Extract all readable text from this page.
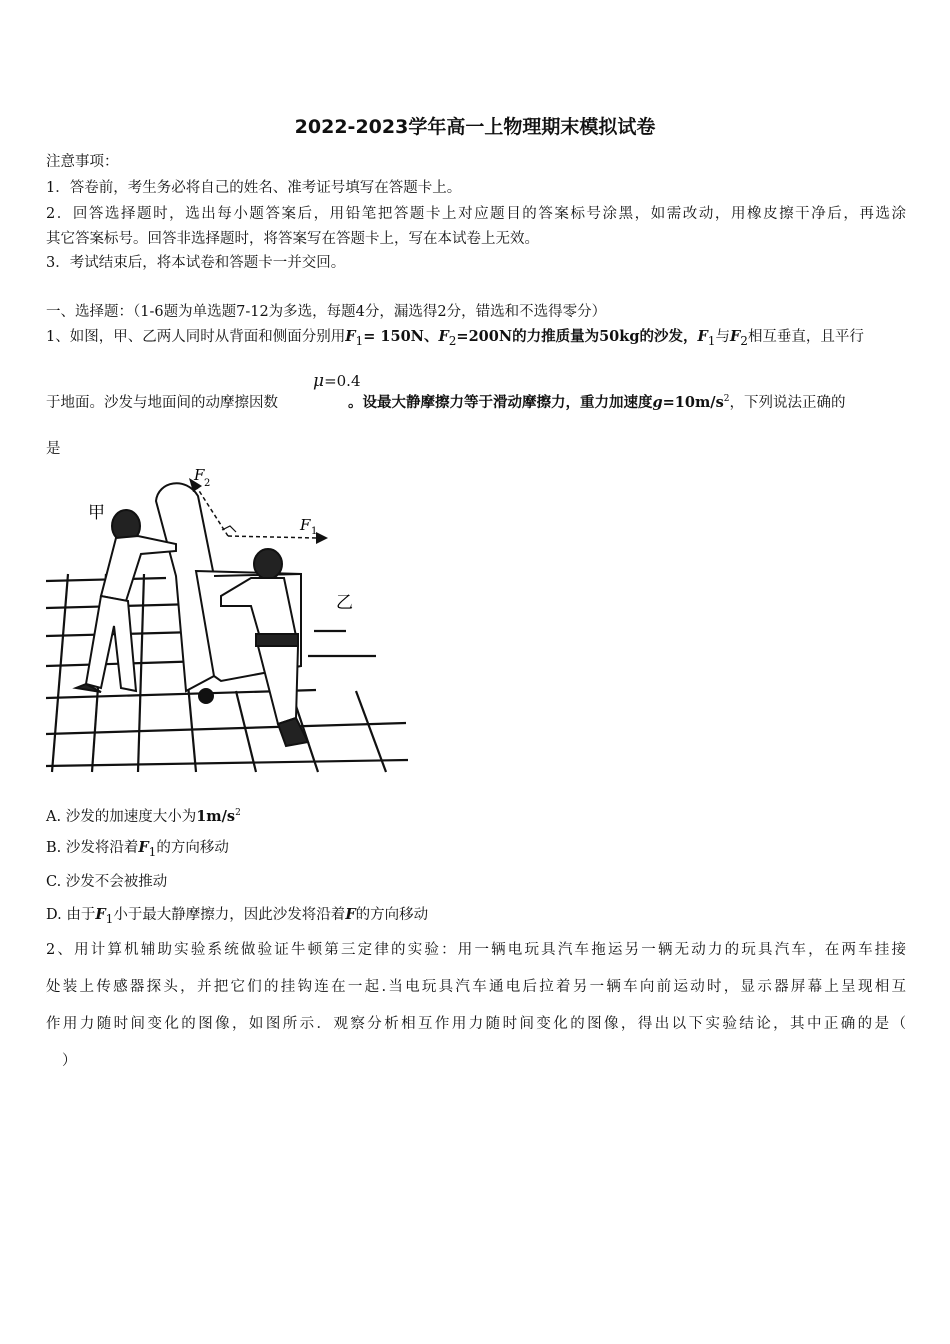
2022-2023学年高一上物理期末模拟试卷
注意事项：
1．答卷前，考生务必将自己的姓名、准考证号填写在答题卡上。
2．回答选择题时，选出每小题答案后，用铅笔把答题卡上对应题目的答案标号涂黑，如需改动，用橡皮擦干净后，再选涂
其它答案标号。回答非选择题时，将答案写在答题卡上，写在本试卷上无效。
3．考试结束后，将本试卷和答题卡一并交回。
一、选择题：（1-6题为单选题7-12为多选，每题4分，漏选得2分，错选和不选得零分）
1、如图，甲、乙两人同时从背面和侧面分别用$F_1= 150N$、$F_2=200N$的力推质量为50kg的沙发，$F_1$与$F_2$相互垂直，且平行
μ=0.4
于地面。沙发与地面间的动摩擦因数	。设最大静摩擦力等于滑动摩擦力，重力加速度$g=10m/s^2$，下列说法正确的
是
甲
乙
F 1
F 2
A. 沙发的加速度大小为$1m/s^2$
B. 沙发将沿着$F_1$的方向移动
C. 沙发不会被推动
D. 由于$F_1$小于最大静摩擦力，因此沙发将沿着F的方向移动
2、用计算机辅助实验系统做验证牛顿第三定律的实验：用一辆电玩具汽车拖运另一辆无动力的玩具汽车，在两车挂接
处装上传感器探头，并把它们的挂钩连在一起.当电玩具汽车通电后拉着另一辆车向前运动时，显示器屏幕上呈现相互
作用力随时间变化的图像，如图所示．观察分析相互作用力随时间变化的图像，得出以下实验结论，其中正确的是（
）
